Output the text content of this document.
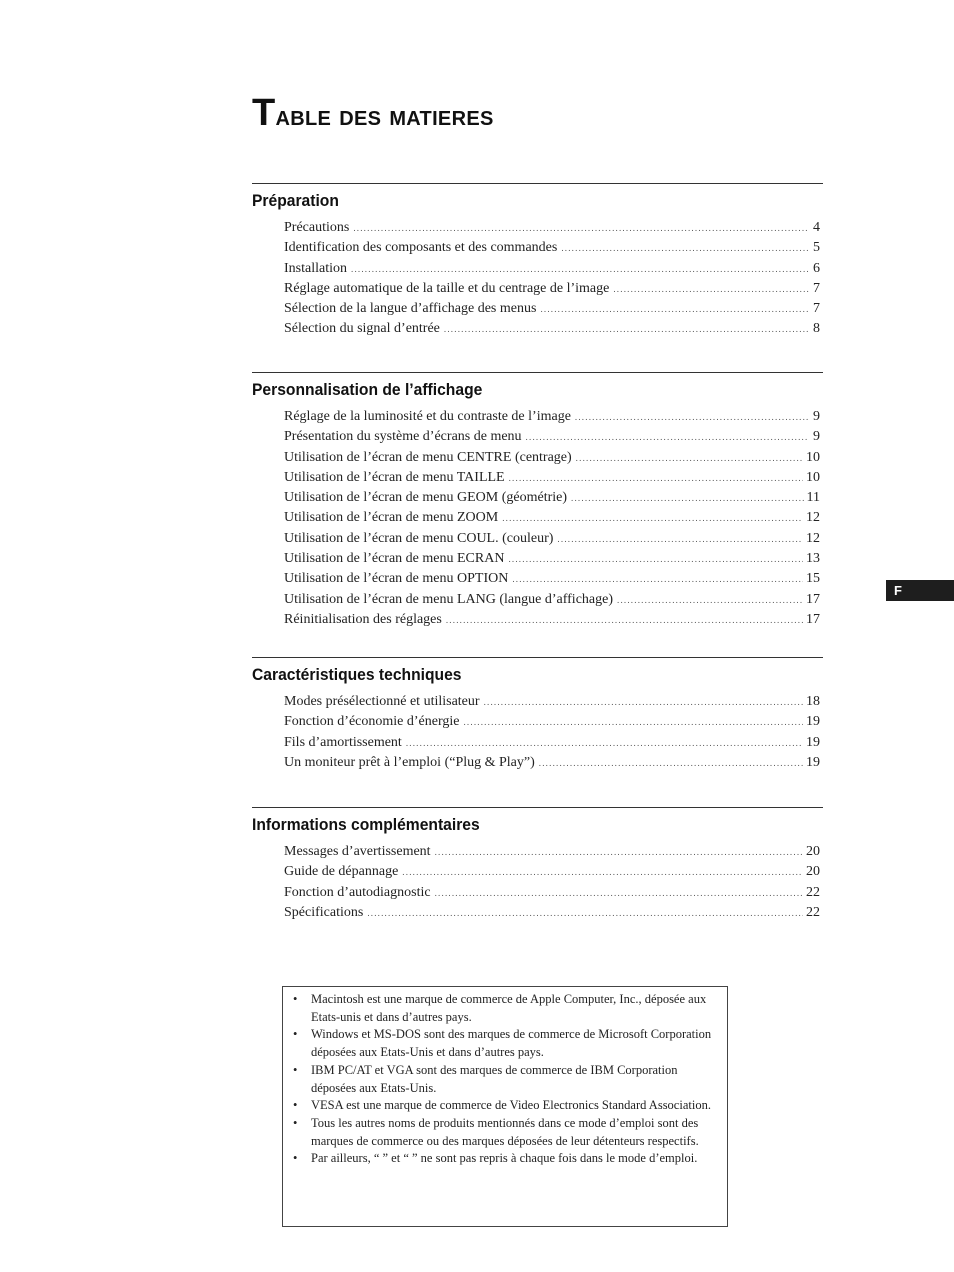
Table des matieres
Préparation
Précautions .....	4
Identification des composants et des commandes .....	5
Installation .....	6
Réglage automatique de la taille et du centrage de l’image .....	7
Sélection de la langue d’affichage des menus .....	7
Sélection du signal d’entrée .....	8
Personnalisation de l’affichage
Réglage de la luminosité et du contraste de l’image .....	9
Présentation du système d’écrans de menu .....	9
Utilisation de l’écran de menu CENTRE (centrage) .....	10
Utilisation de l’écran de menu TAILLE .....	10
Utilisation de l’écran de menu GEOM (géométrie) .....	11
Utilisation de l’écran de menu ZOOM .....	12
Utilisation de l’écran de menu COUL. (couleur) .....	12
Utilisation de l’écran de menu ECRAN .....	13
Utilisation de l’écran de menu OPTION .....	15
Utilisation de l’écran de menu LANG (langue d’affichage) .....	17
Réinitialisation des réglages .....	17
Caractéristiques techniques
Modes présélectionné et utilisateur .....	18
Fonction d’économie d’énergie .....	19
Fils d’amortissement .....	19
Un moniteur prêt à l’emploi (“Plug & Play”) .....	19
Informations complémentaires
Messages d’avertissement .....	20
Guide de dépannage .....	20
Fonction d’autodiagnostic .....	22
Spécifications .....	22
F
• Macintosh est une marque de commerce de Apple Computer, Inc., déposée aux Etats-unis et dans d’autres pays.
• Windows et MS-DOS sont des marques de commerce de Microsoft Corporation déposées aux Etats-Unis et dans d’autres pays.
• IBM PC/AT et VGA sont des marques de commerce de IBM Corporation déposées aux Etats-Unis.
• VESA est une marque de commerce de Video Electronics Standard Association.
• Tous les autres noms de produits mentionnés dans ce mode d’emploi sont des marques de commerce ou des marques déposées de leur détenteurs respectifs.
• Par ailleurs, “ ” et “ ” ne sont pas repris à chaque fois dans le mode d’emploi.
